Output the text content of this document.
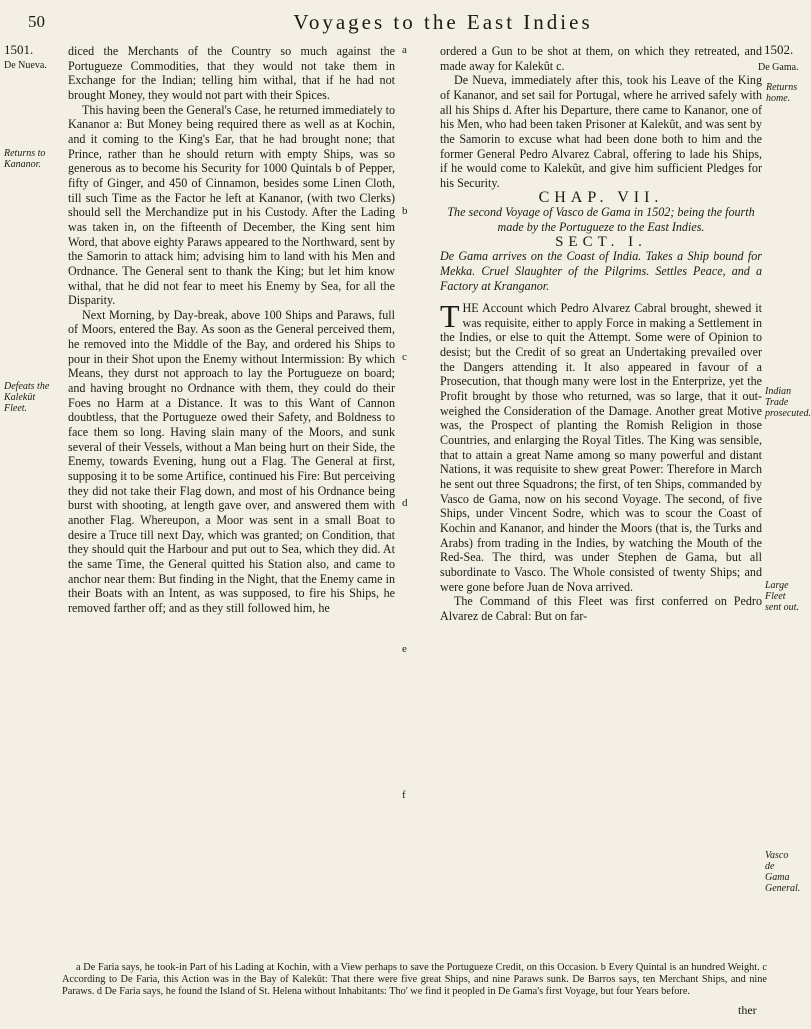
50	Voyages to the East Indies
1501.
De Nueva.
Returns to Kananor.
Defeats the Kalekût Fleet.
1502.
De Gama.
Returns home.
Indian Trade prosecuted.
Large Fleet sent out.
Vasco de Gama General.
a
b
c
d
e
f

diced the Merchants of the Country so much against the Portugueze Commodities, that they would not take them in Exchange for the Indian; telling him withal, that if he had not brought Money, they would not part with their Spices.

This having been the General's Case, he returned immediately to Kananor a: But Money being required there as well as at Kochin, and it coming to the King's Ear, that he had brought none; that Prince, rather than he should return with empty Ships, was so generous as to become his Security for 1000 Quintals b of Pepper, fifty of Ginger, and 450 of Cinnamon, besides some Linen Cloth, till such Time as the Factor he left at Kananor, (with two Clerks) should sell the Merchandize put in his Custody. After the Lading was taken in, on the fifteenth of December, the King sent him Word, that above eighty Paraws appeared to the Northward, sent by the Samorin to attack him; advising him to land with his Men and Ordnance. The General sent to thank the King; but let him know withal, that he did not fear to meet his Enemy by Sea, for all the Disparity.

Next Morning, by Day-break, above 100 Ships and Paraws, full of Moors, entered the Bay. As soon as the General perceived them, he removed into the Middle of the Bay, and ordered his Ships to pour in their Shot upon the Enemy without Intermission: By which Means, they durst not approach to lay the Portugueze on board; and having brought no Ordnance with them, they could do their Foes no Harm at a Distance. It was to this Want of Cannon doubtless, that the Portugueze owed their Safety, and Boldness to face them so long. Having slain many of the Moors, and sunk several of their Vessels, without a Man being hurt on their Side, the Enemy, towards Evening, hung out a Flag. The General at first, supposing it to be some Artifice, continued his Fire: But perceiving they did not take their Flag down, and most of his Ordnance being burst with shooting, at length gave over, and answered them with another Flag. Whereupon, a Moor was sent in a small Boat to desire a Truce till next Day, which was granted; on Condition, that they should quit the Harbour and put out to Sea, which they did. At the same Time, the General quitted his Station also, and came to anchor near them: But finding in the Night, that the Enemy came in their Boats with an Intent, as was supposed, to fire his Ships, he removed farther off; and as they still followed him, he

ordered a Gun to be shot at them, on which they retreated, and made away for Kalekût c.

De Nueva, immediately after this, took his Leave of the King of Kananor, and set sail for Portugal, where he arrived safely with all his Ships d. After his Departure, there came to Kananor, one of his Men, who had been taken Prisoner at Kalekût, and was sent by the Samorin to excuse what had been done both to him and the former General Pedro Alvarez Cabral, offering to lade his Ships, if he would come to Kalekût, and give him sufficient Pledges for his Security.

CHAP. VII.

The second Voyage of Vasco de Gama in 1502; being the fourth made by the Portugueze to the East Indies.

SECT. I.

De Gama arrives on the Coast of India. Takes a Ship bound for Mekka. Cruel Slaughter of the Pilgrims. Settles Peace, and a Factory at Kranganor.

THE Account which Pedro Alvarez Cabral brought, shewed it was requisite, either to apply Force in making a Settlement in the Indies, or else to quit the Attempt. Some were of Opinion to desist; but the Credit of so great an Undertaking prevailed over the Dangers attending it. It also appeared in favour of a Prosecution, that though many were lost in the Enterprize, yet the Profit brought by those who returned, was so large, that it out-weighed the Consideration of the Damage. Another great Motive was, the Prospect of planting the Romish Religion in those Countries, and enlarging the Royal Titles. The King was sensible, that to attain a great Name among so many powerful and distant Nations, it was requisite to shew great Power: Therefore in March he sent out three Squadrons; the first, of ten Ships, commanded by Vasco de Gama, now on his second Voyage. The second, of five Ships, under Vincent Sodre, which was to scour the Coast of Kochin and Kananor, and hinder the Moors (that is, the Turks and Arabs) from trading in the Indies, by watching the Mouth of the Red-Sea. The third, was under Stephen de Gama, but all subordinate to Vasco. The Whole consisted of twenty Ships; and were gone before Juan de Nova arrived.

The Command of this Fleet was first conferred on Pedro Alvarez de Cabral: But on far-

a De Faria says, he took-in Part of his Lading at Kochin, with a View perhaps to save the Portugueze Credit, on this Occasion. b Every Quintal is an hundred Weight. c According to De Faria, this Action was in the Bay of Kalekût: That there were five great Ships, and nine Paraws sunk. De Barros says, ten Merchant Ships, and nine Paraws. d De Faria says, he found the Island of St. Helena without Inhabitants: Tho' we find it peopled in De Gama's first Voyage, but four Years before.

ther
